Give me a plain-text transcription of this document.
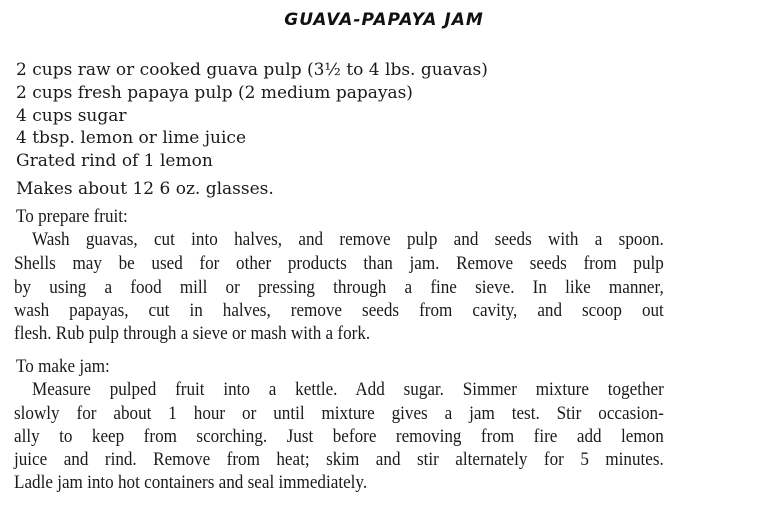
GUAVA-PAPAYA JAM
2 cups raw or cooked guava pulp (3½ to 4 lbs. guavas)
2 cups fresh papaya pulp (2 medium papayas)
4 cups sugar
4 tbsp. lemon or lime juice
Grated rind of 1 lemon
Makes about 12 6 oz. glasses.
To prepare fruit:
Wash guavas, cut into halves, and remove pulp and seeds with a spoon.
Shells may be used for other products than jam. Remove seeds from pulp
by using a food mill or pressing through a fine sieve. In like manner,
wash papayas, cut in halves, remove seeds from cavity, and scoop out
flesh. Rub pulp through a sieve or mash with a fork.
To make jam:
Measure pulped fruit into a kettle. Add sugar. Simmer mixture together
slowly for about 1 hour or until mixture gives a jam test. Stir occasion-
ally to keep from scorching. Just before removing from fire add lemon
juice and rind. Remove from heat; skim and stir alternately for 5 minutes.
Ladle jam into hot containers and seal immediately.
